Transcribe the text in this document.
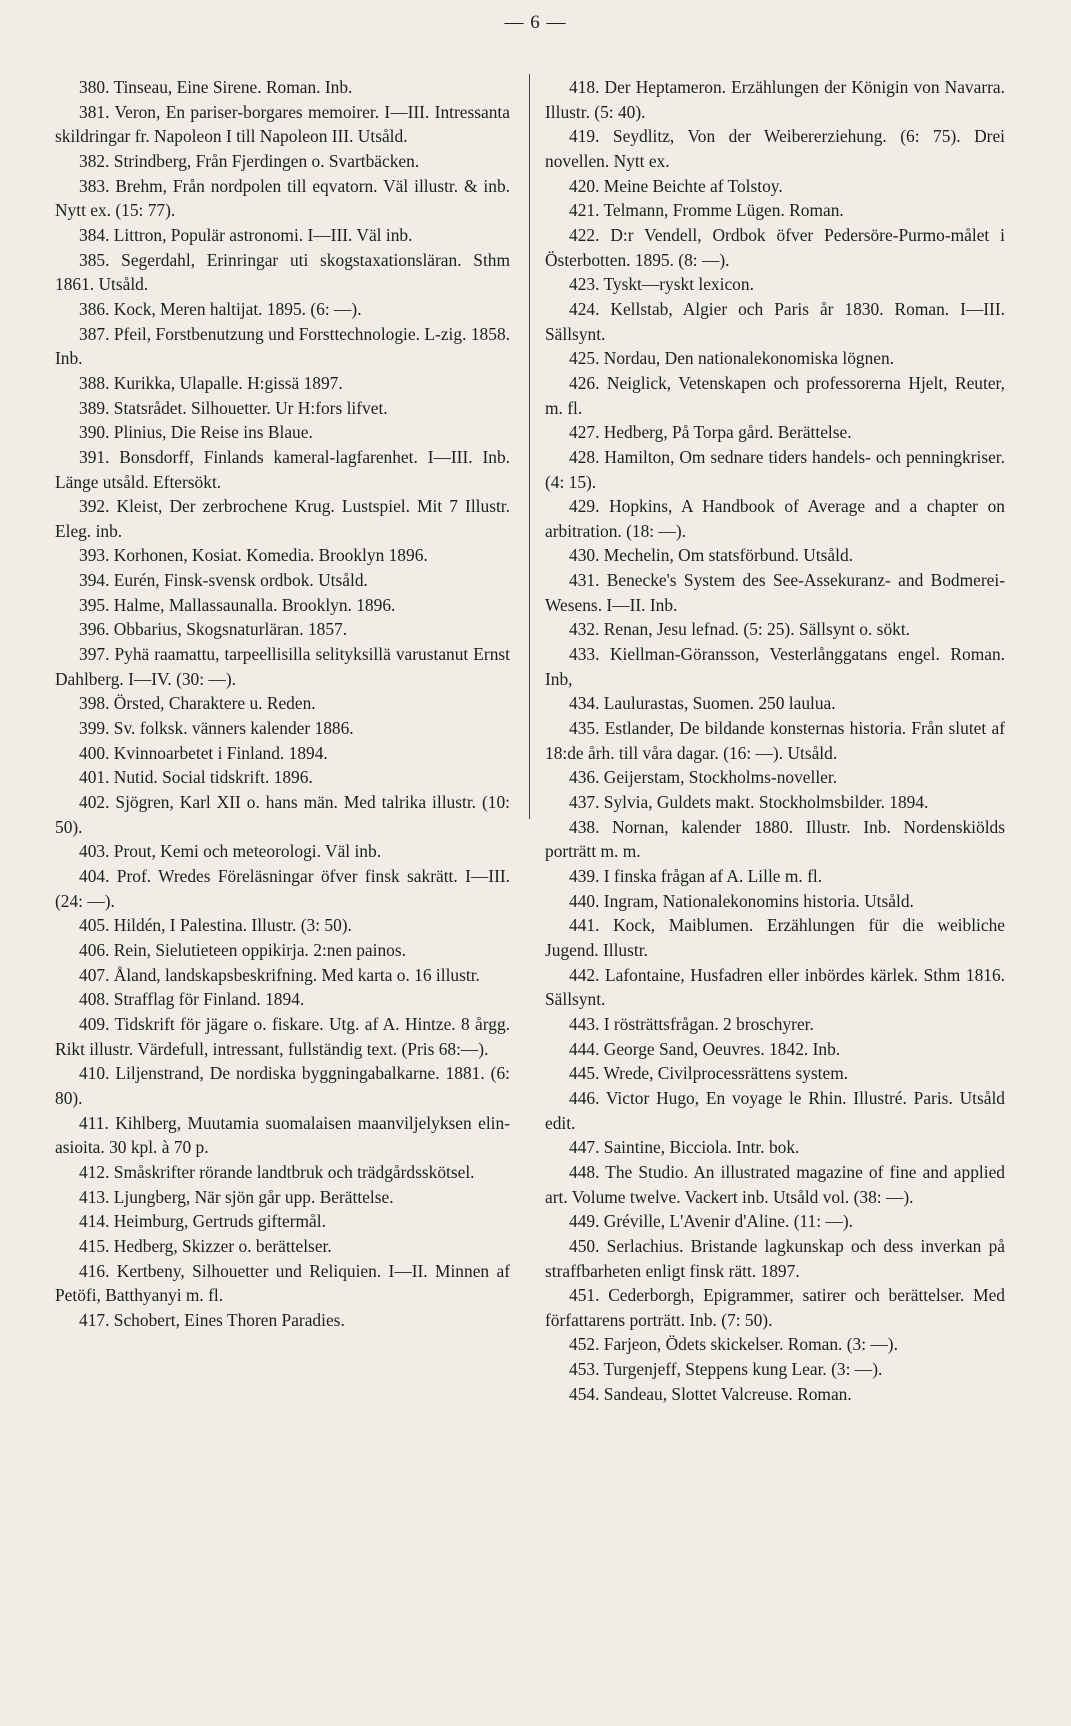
— 6 —

380. Tinseau, Eine Sirene. Roman. Inb.

381. Veron, En pariser-borgares memoirer. I—III. Intressanta skildringar fr. Napoleon I till Napoleon III. Utsåld.

382. Strindberg, Från Fjerdingen o. Svartbäcken.

383. Brehm, Från nordpolen till eqvatorn. Väl illustr. & inb. Nytt ex. (15: 77).

384. Littron, Populär astronomi. I—III. Väl inb.

385. Segerdahl, Erinringar uti skogstaxationsläran. Sthm 1861. Utsåld.

386. Kock, Meren haltijat. 1895. (6: —).

387. Pfeil, Forstbenutzung und Forsttechnologie. L-zig. 1858. Inb.

388. Kurikka, Ulapalle. H:gissä 1897.

389. Statsrådet. Silhouetter. Ur H:fors lifvet.

390. Plinius, Die Reise ins Blaue.

391. Bonsdorff, Finlands kameral-lagfarenhet. I—III. Inb. Länge utsåld. Eftersökt.

392. Kleist, Der zerbrochene Krug. Lustspiel. Mit 7 Illustr. Eleg. inb.

393. Korhonen, Kosiat. Komedia. Brooklyn 1896.

394. Eurén, Finsk-svensk ordbok. Utsåld.

395. Halme, Mallassaunalla. Brooklyn. 1896.

396. Obbarius, Skogsnaturläran. 1857.

397. Pyhä raamattu, tarpeellisilla selityksillä varustanut Ernst Dahlberg. I—IV. (30: —).

398. Örsted, Charaktere u. Reden.

399. Sv. folksk. vänners kalender 1886.

400. Kvinnoarbetet i Finland. 1894.

401. Nutid. Social tidskrift. 1896.

402. Sjögren, Karl XII o. hans män. Med talrika illustr. (10: 50).

403. Prout, Kemi och meteorologi. Väl inb.

404. Prof. Wredes Föreläsningar öfver finsk sakrätt. I—III. (24: —).

405. Hildén, I Palestina. Illustr. (3: 50).

406. Rein, Sielutieteen oppikirja. 2:nen painos.

407. Åland, landskapsbeskrifning. Med karta o. 16 illustr.

408. Strafflag för Finland. 1894.

409. Tidskrift för jägare o. fiskare. Utg. af A. Hintze. 8 årgg. Rikt illustr. Värdefull, intressant, fullständig text. (Pris 68:—).

410. Liljenstrand, De nordiska byggningabalkarne. 1881. (6: 80).

411. Kihlberg, Muutamia suomalaisen maanviljelyksen elin-asioita. 30 kpl. à 70 p.

412. Småskrifter rörande landtbruk och trädgårdsskötsel.

413. Ljungberg, När sjön går upp. Berättelse.

414. Heimburg, Gertruds giftermål.

415. Hedberg, Skizzer o. berättelser.

416. Kertbeny, Silhouetter und Reliquien. I—II. Minnen af Petöfi, Batthyanyi m. fl.

417. Schobert, Eines Thoren Paradies.

418. Der Heptameron. Erzählungen der Königin von Navarra. Illustr. (5: 40).

419. Seydlitz, Von der Weibererziehung. (6: 75). Drei novellen. Nytt ex.

420. Meine Beichte af Tolstoy.

421. Telmann, Fromme Lügen. Roman.

422. D:r Vendell, Ordbok öfver Pedersöre-Purmo-målet i Österbotten. 1895. (8: —).

423. Tyskt—ryskt lexicon.

424. Kellstab, Algier och Paris år 1830. Roman. I—III. Sällsynt.

425. Nordau, Den nationalekonomiska lögnen.

426. Neiglick, Vetenskapen och professorerna Hjelt, Reuter, m. fl.

427. Hedberg, På Torpa gård. Berättelse.

428. Hamilton, Om sednare tiders handels- och penningkriser. (4: 15).

429. Hopkins, A Handbook of Average and a chapter on arbitration. (18: —).

430. Mechelin, Om statsförbund. Utsåld.

431. Benecke's System des See-Assekuranz- and Bodmerei-Wesens. I—II. Inb.

432. Renan, Jesu lefnad. (5: 25). Sällsynt o. sökt.

433. Kiellman-Göransson, Vesterlånggatans engel. Roman. Inb,

434. Laulurastas, Suomen. 250 laulua.

435. Estlander, De bildande konsternas historia. Från slutet af 18:de årh. till våra dagar. (16: —). Utsåld.

436. Geijerstam, Stockholms-noveller.

437. Sylvia, Guldets makt. Stockholmsbilder. 1894.

438. Nornan, kalender 1880. Illustr. Inb. Nordenskiölds porträtt m. m.

439. I finska frågan af A. Lille m. fl.

440. Ingram, Nationalekonomins historia. Utsåld.

441. Kock, Maiblumen. Erzählungen für die weibliche Jugend. Illustr.

442. Lafontaine, Husfadren eller inbördes kärlek. Sthm 1816. Sällsynt.

443. I rösträttsfrågan. 2 broschyrer.

444. George Sand, Oeuvres. 1842. Inb.

445. Wrede, Civilprocessrättens system.

446. Victor Hugo, En voyage le Rhin. Illustré. Paris. Utsåld edit.

447. Saintine, Bicciola. Intr. bok.

448. The Studio. An illustrated magazine of fine and applied art. Volume twelve. Vackert inb. Utsåld vol. (38: —).

449. Gréville, L'Avenir d'Aline. (11: —).

450. Serlachius. Bristande lagkunskap och dess inverkan på straffbarheten enligt finsk rätt. 1897.

451. Cederborgh, Epigrammer, satirer och berättelser. Med författarens porträtt. Inb. (7: 50).

452. Farjeon, Ödets skickelser. Roman. (3: —).

453. Turgenjeff, Steppens kung Lear. (3: —).

454. Sandeau, Slottet Valcreuse. Roman.
